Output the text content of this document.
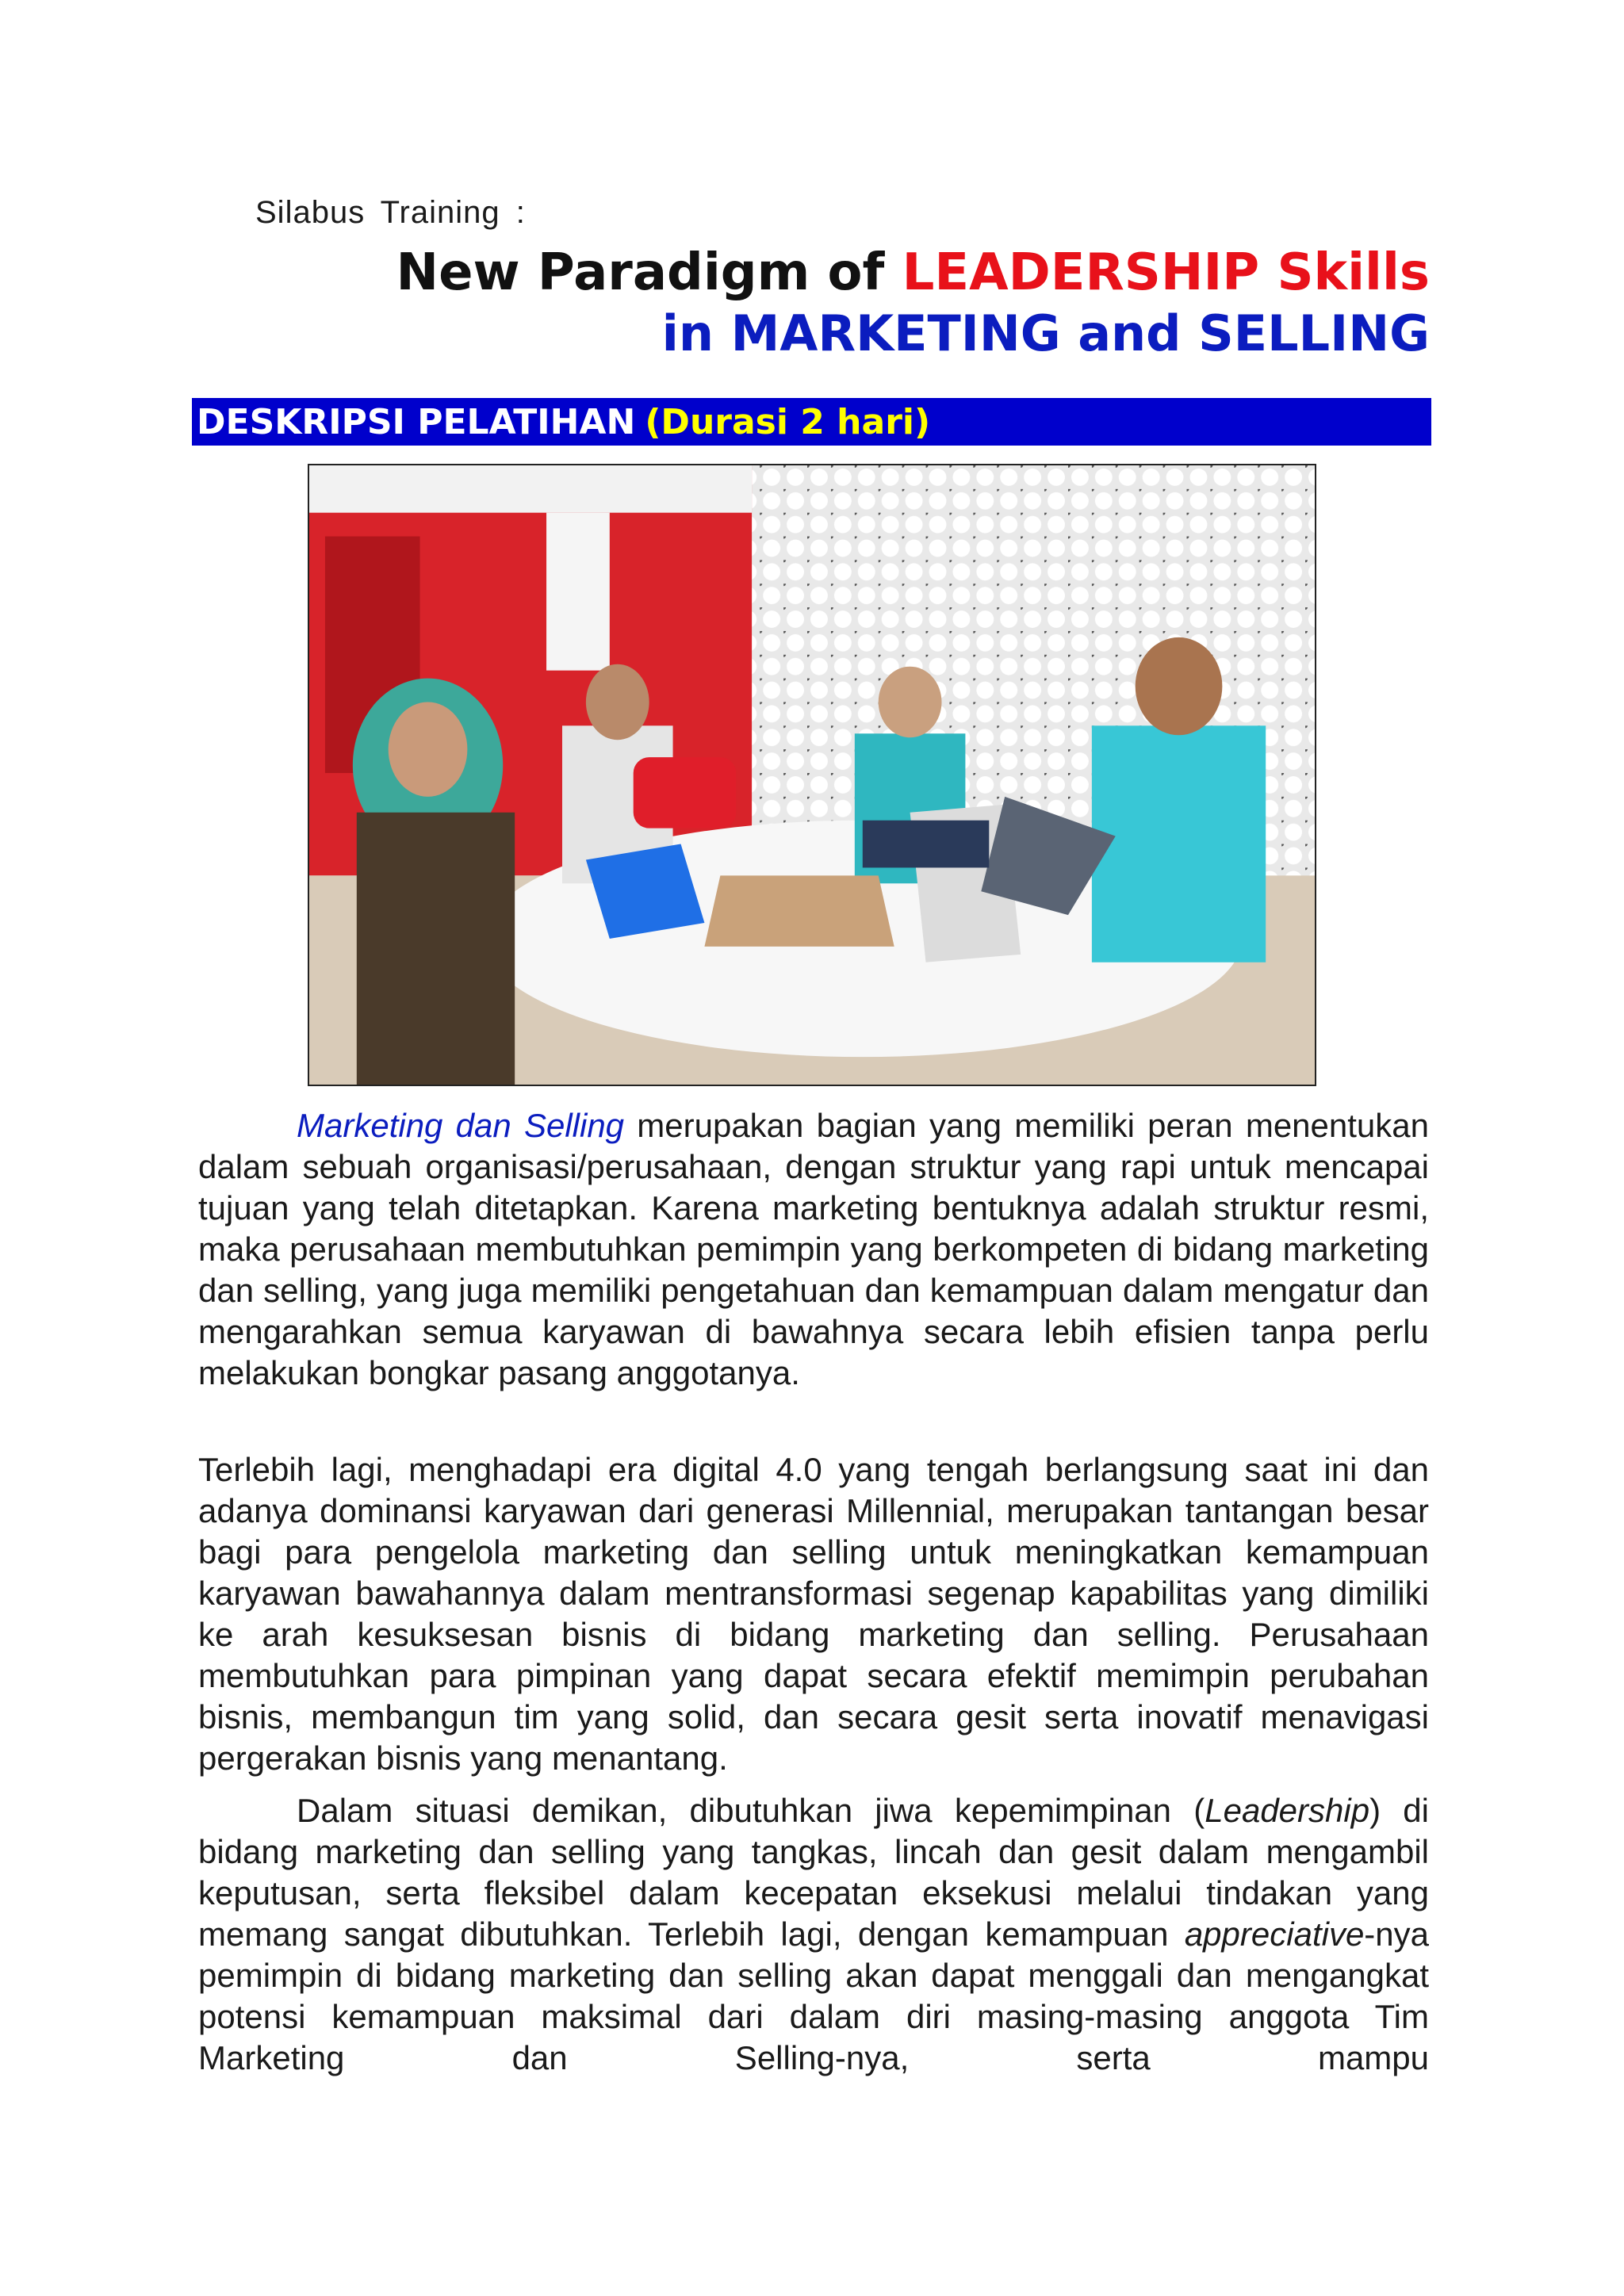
Silabus Training :
New Paradigm of LEADERSHIP Skills
in MARKETING and SELLING
DESKRIPSI PELATIHAN (Durasi 2 hari)
Marketing dan Selling merupakan bagian yang memiliki peran menentukan dalam sebuah organisasi/perusahaan, dengan struktur yang rapi untuk mencapai tujuan yang telah ditetapkan. Karena marketing bentuknya adalah struktur resmi, maka perusahaan membutuhkan pemimpin yang berkompeten di bidang marketing dan selling, yang juga memiliki pengetahuan dan kemampuan dalam mengatur dan mengarahkan semua karyawan di bawahnya secara lebih efisien tanpa perlu melakukan bongkar pasang anggotanya.
Terlebih lagi, menghadapi era digital 4.0 yang tengah berlangsung saat ini dan adanya dominansi karyawan dari generasi Millennial, merupakan tantangan besar bagi para pengelola marketing dan selling untuk meningkatkan kemampuan karyawan bawahannya dalam mentransformasi segenap kapabilitas yang dimiliki ke arah kesuksesan bisnis di bidang marketing dan selling. Perusahaan membutuhkan para pimpinan yang dapat secara efektif memimpin perubahan bisnis, membangun tim yang solid, dan secara gesit serta inovatif menavigasi pergerakan bisnis yang menantang.
Dalam situasi demikan, dibutuhkan jiwa kepemimpinan (Leadership) di bidang marketing dan selling yang tangkas, lincah dan gesit dalam mengambil keputusan, serta fleksibel dalam kecepatan eksekusi melalui tindakan yang memang sangat dibutuhkan. Terlebih lagi, dengan kemampuan appreciative-nya pemimpin di bidang marketing dan selling akan dapat menggali dan mengangkat potensi kemampuan maksimal dari dalam diri masing-masing anggota Tim Marketing dan Selling-nya, serta mampu
